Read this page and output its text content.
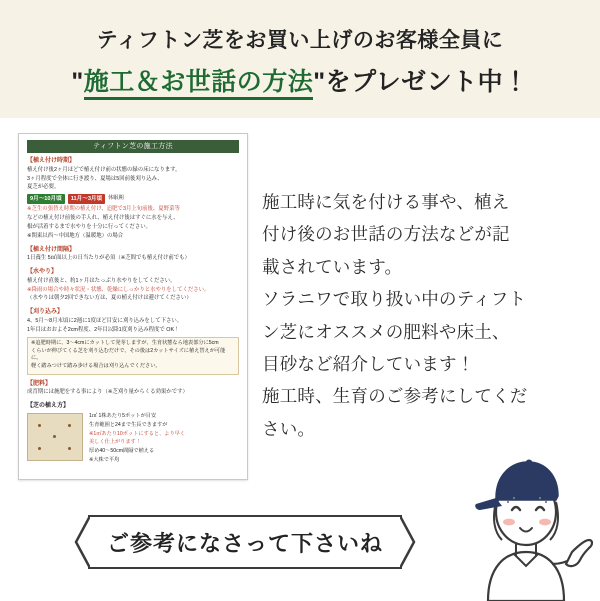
ティフトン芝をお買い上げのお客様全員に
"施工＆お世話の方法"をプレゼント中！
ティフトン芝の施工方法
【植え付け時期】

植え付け後2ヶ月ほどで植え付け前の状態の緑の床になります。

3ヶ月程度で全体に行き渡り、夏場は5回前後刈り込み、

夏芝が必要。

9月～10月頃	11月～3月頃	休眠期

※芝生の張替え時期の植え付け、追肥で3月上旬前後、夏野菜等

などの植え付け前後の手入れ、植え付け後はすぐに水を与え、

根が活着するまで水やりを十分に行ってください。

※関東以西～中国地方（温暖地）の場合

【植え付け間隔】

1日養生 5㎡面以上の日当たりが必須（※芝間でも植え付け前でも）

【水やり】

植え付け直後と、約1ヶ月はたっぷり水やりをしてください。

※降雨の場合や時々状況・状態、乾燥にしっかりと水やりをしてください。

（水やりは朝夕2回できない方は、夏の植え付けは避けてください）

【刈り込み】

4、5月～8月末頃に2週に1度ほど目安に刈り込みをして下さい。

1年目はおおよそ2cm程度、2年目以降1度刈り込み程度で OK！

※追肥時期に、3～4cmにカットして発芽しますが、生育状態なら地表部分に5cm

くらいが伸びてくる芝を刈り込むだけで、その後は2カットサイズに植え替えが可能に。

軽く踏みつけて踏み歩ける場合は刈り込んでください。

【肥料】

成育期には施肥をする事により（※芝刈り量からくる効果かです）

【芝の植え方】

1㎡ 1株あたり5ポットが目安

生育範囲と24まで生長できますが

※1㎡あたり10ポットにすると、より早く

美しく仕上がります！

厚め40～50cm間隔で植える

※大株で平均

施工時に気を付ける事や、植え

付け後のお世話の方法などが記

載されています。

ソラニワで取り扱い中のティフト

ン芝にオススメの肥料や床土、

目砂など紹介しています！

施工時、生育のご参考にしてくだ

さい。

ご参考になさって下さいね
